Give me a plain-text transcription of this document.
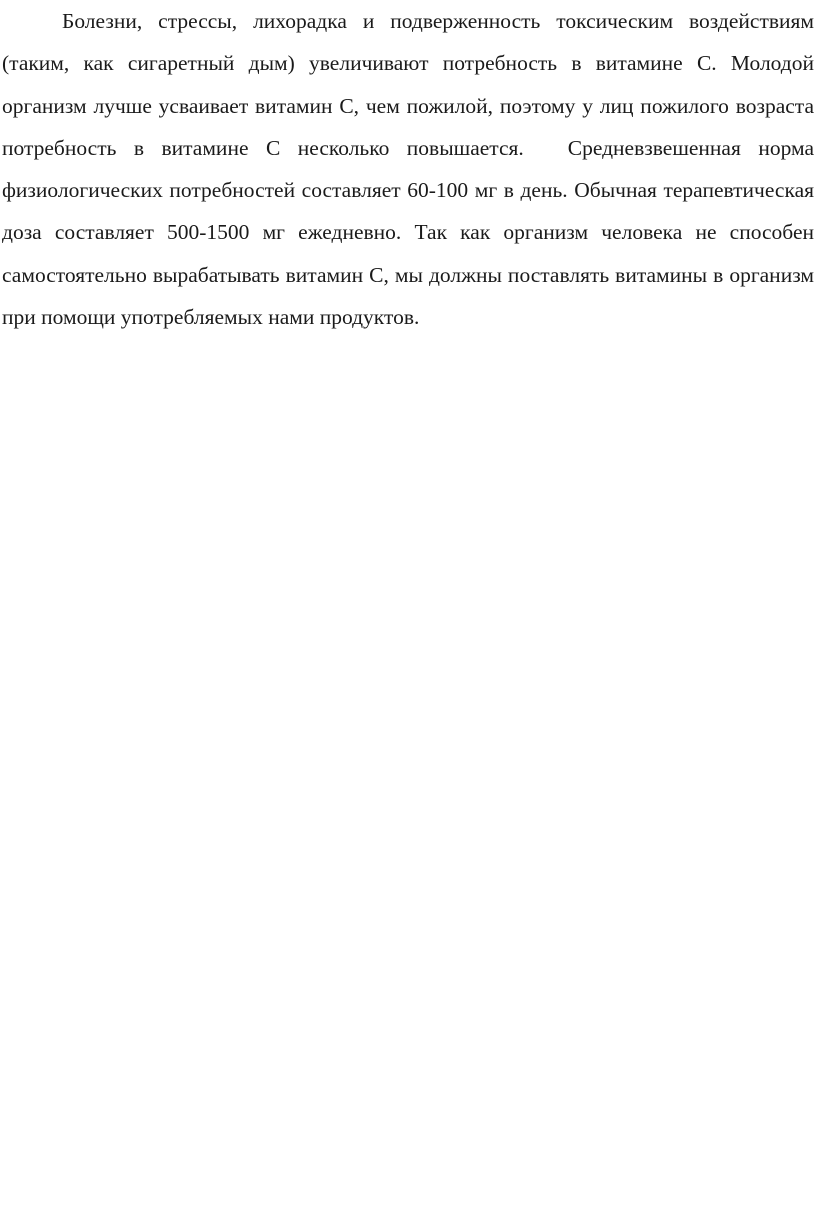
Болезни, стрессы, лихорадка и подверженность токсическим воздействиям (таким, как сигаретный дым) увеличивают потребность в витамине С. Молодой организм лучше усваивает витамин С, чем пожилой, поэтому у лиц пожилого возраста потребность в витамине С несколько повышается. Средневзвешенная норма физиологических потребностей составляет 60-100 мг в день. Обычная терапевтическая доза составляет 500-1500 мг ежедневно. Так как организм человека не способен самостоятельно вырабатывать витамин С, мы должны поставлять витамины в организм при помощи употребляемых нами продуктов.
